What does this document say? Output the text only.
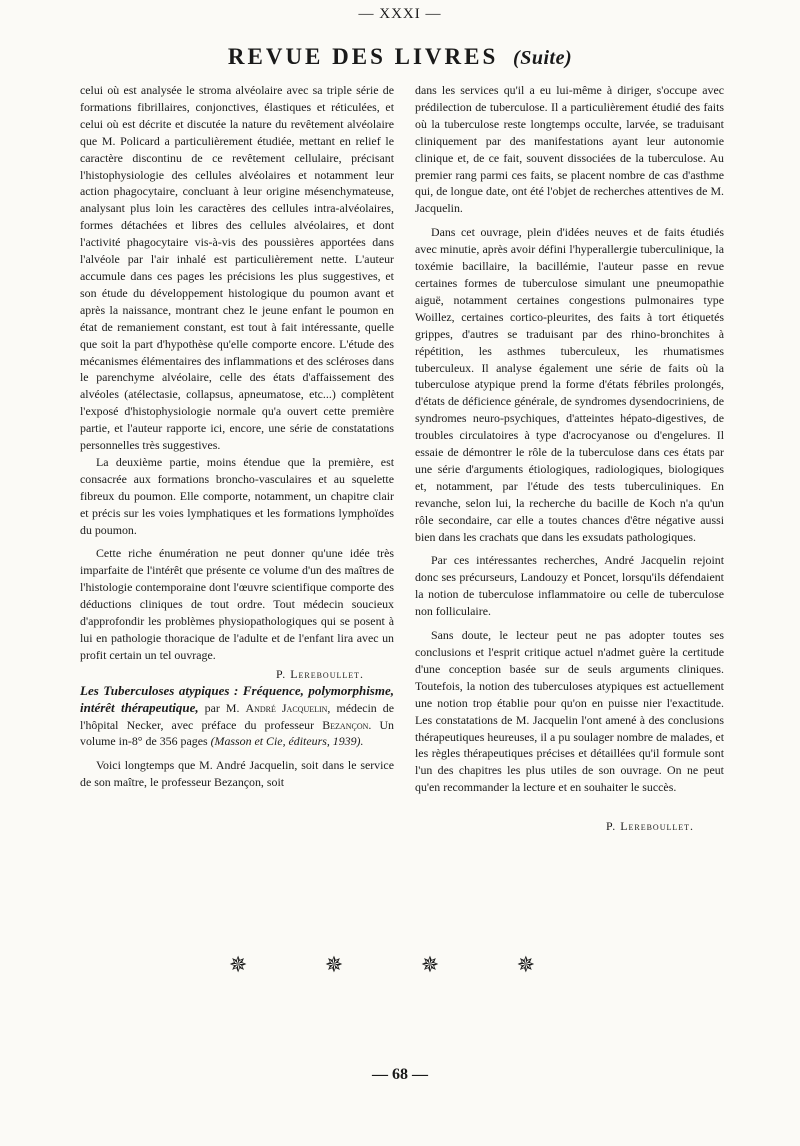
— XXXI —
REVUE DES LIVRES (Suite)

celui où est analysée le stroma alvéolaire avec sa triple série de formations fibrillaires, conjonctives, élastiques et réticulées, et celui où est décrite et discutée la nature du revêtement alvéolaire que M. Policard a particulièrement étudiée, mettant en relief le caractère discontinu de ce revêtement cellulaire, précisant l'histophysiologie des cellules alvéolaires et notamment leur action phagocytaire, concluant à leur origine mésenchymateuse, analysant plus loin les caractères des cellules intra-alvéolaires, formes détachées et libres des cellules alvéolaires, et dont l'activité phagocytaire vis-à-vis des poussières apportées dans l'alvéole par l'air inhalé est particulièrement nette. L'auteur accumule dans ces pages les précisions les plus suggestives, et son étude du développement histologique du poumon avant et après la naissance, montrant chez le jeune enfant le poumon en état de remaniement constant, est tout à fait intéressante, quelle que soit la part d'hypothèse qu'elle comporte encore. L'étude des mécanismes élémentaires des inflammations et des scléroses dans le parenchyme alvéolaire, celle des états d'affaissement des alvéoles (atélectasie, collapsus, apneumatose, etc...) complètent l'exposé d'histophysiologie normale qu'a ouvert cette première partie, et l'auteur rapporte ici, encore, une série de constatations personnelles très suggestives.

La deuxième partie, moins étendue que la première, est consacrée aux formations broncho-vasculaires et au squelette fibreux du poumon. Elle comporte, notamment, un chapitre clair et précis sur les voies lymphatiques et les formations lymphoïdes du poumon.

Cette riche énumération ne peut donner qu'une idée très imparfaite de l'intérêt que présente ce volume d'un des maîtres de l'histologie contemporaine dont l'œuvre scientifique comporte des déductions cliniques de tout ordre. Tout médecin soucieux d'approfondir les problèmes physiopathologiques qui se posent à lui en pathologie thoracique de l'adulte et de l'enfant lira avec un profit certain un tel ouvrage.

P. Lereboullet.

Les Tuberculoses atypiques : Fréquence, polymorphisme, intérêt thérapeutique, par M. André Jacquelin, médecin de l'hôpital Necker, avec préface du professeur Bezançon. Un volume in-8° de 356 pages (Masson et Cie, éditeurs, 1939).

Voici longtemps que M. André Jacquelin, soit dans le service de son maître, le professeur Bezançon, soit

dans les services qu'il a eu lui-même à diriger, s'occupe avec prédilection de tuberculose. Il a particulièrement étudié des faits où la tuberculose reste longtemps occulte, larvée, se traduisant cliniquement par des manifestations ayant leur autonomie clinique et, de ce fait, souvent dissociées de la tuberculose. Au premier rang parmi ces faits, se placent nombre de cas d'asthme qui, de longue date, ont été l'objet de recherches attentives de M. Jacquelin.

Dans cet ouvrage, plein d'idées neuves et de faits étudiés avec minutie, après avoir défini l'hyperallergie tuberculinique, la toxémie bacillaire, la bacillémie, l'auteur passe en revue certaines formes de tuberculose simulant une pneumopathie aiguë, notamment certaines congestions pulmonaires type Woillez, certaines cortico-pleurites, des faits à tort étiquetés grippes, d'autres se traduisant par des rhino-bronchites à répétition, les asthmes tuberculeux, les rhumatismes tuberculeux. Il analyse également une série de faits où la tuberculose atypique prend la forme d'états fébriles prolongés, d'états de déficience générale, de syndromes dysendocriniens, de syndromes neuro-psychiques, d'atteintes hépato-digestives, de troubles circulatoires à type d'acrocyanose ou d'engelures. Il essaie de démontrer le rôle de la tuberculose dans ces états par une série d'arguments étiologiques, radiologiques, biologiques et, notamment, par l'étude des tests tuberculiniques. En revanche, selon lui, la recherche du bacille de Koch n'a qu'un rôle secondaire, car elle a toutes chances d'être négative aussi bien dans les crachats que dans les exsudats pathologiques.

Par ces intéressantes recherches, André Jacquelin rejoint donc ses précurseurs, Landouzy et Poncet, lorsqu'ils défendaient la notion de tuberculose inflammatoire ou celle de tuberculose non folliculaire.

Sans doute, le lecteur peut ne pas adopter toutes ses conclusions et l'esprit critique actuel n'admet guère la certitude d'une conception basée sur de seuls arguments cliniques. Toutefois, la notion des tuberculoses atypiques est actuellement une notion trop établie pour qu'on en puisse nier l'exactitude. Les constatations de M. Jacquelin l'ont amené à des conclusions thérapeutiques heureuses, il a pu soulager nombre de malades, et les règles thérapeutiques précises et détaillées qu'il formule sont l'un des chapitres les plus utiles de son ouvrage. On ne peut qu'en recommander la lecture et en souhaiter le succès.

P. Lereboullet.
✵ ✵ ✵ ✵
— 68 —
